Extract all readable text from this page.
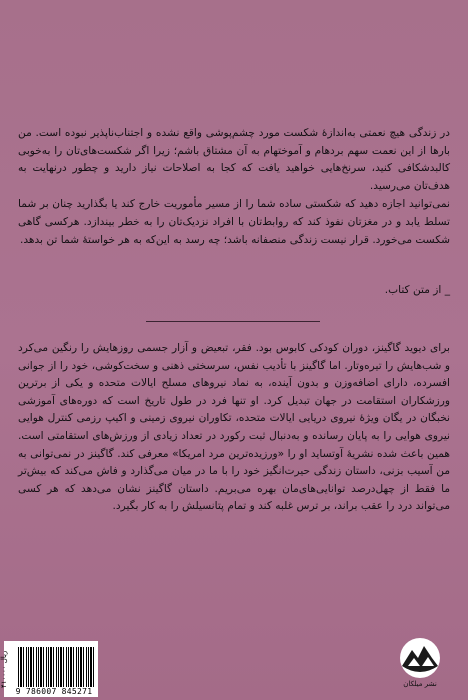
در زندگی هیچ نعمتی به‌اندازهٔ شکست مورد چشم‌پوشی واقع نشده و اجتناب‌ناپذیر نبوده است. من بارها از این نعمت سهم بردهام و آموختهام به آن مشتاق باشم؛ زیرا اگر شکست‌های‌تان را به‌خوبی کالبدشکافی کنید، سرنخ‌هایی خواهید یافت که کجا به اصلاحات نیاز دارید و چطور درنهایت به هدف‌تان می‌رسید.

نمی‌توانید اجازه دهید که شکستی ساده شما را از مسیر مأموریت خارج کند یا بگذارید چنان بر شما تسلط یابد و در مغزتان نفوذ کند که روابط‌تان با افراد نزدیک‌تان را به خطر بیندازد. هرکسی گاهی شکست می‌خورد. قرار نیست زندگی منصفانه باشد؛ چه رسد به این‌که به هر خواستهٔ شما تن بدهد.

_ از متن کتاب.
برای دیوید گاگینز، دوران کودکی کابوس بود. فقر، تبعیض و آزار جسمی روزهایش را رنگین می‌کرد و شب‌هایش را تیره‌وتار. اما گاگینز با تأدیب نفس، سرسختی ذهنی و سخت‌کوشی، خود را از جوانی افسرده، دارای اضافه‌وزن و بدون آینده، به نماد نیروهای مسلح ایالات متحده و یکی از برترین ورزشکاران استقامت در جهان تبدیل کرد. او تنها فرد در طول تاریخ است که دوره‌های آموزشی نخبگان در یگان ویژهٔ نیروی دریایی ایالات متحده، تکاوران نیروی زمینی و اکیپ رزمی کنترل هوایی نیروی هوایی را به پایان رسانده و به‌دنبال ثبت رکورد در تعداد زیادی از ورزش‌های استقامتی است. همین باعث شده نشریهٔ آوتساید او را «ورزیده‌ترین مرد امریکا» معرفی کند. گاگینز در نمی‌توانی به من آسیب بزنی، داستان زندگی حیرت‌انگیز خود را با ما در میان می‌گذارد و فاش می‌کند که بیش‌تر ما فقط از چهل‌درصد توانایی‌های‌مان بهره می‌بریم. داستان گاگینز نشان می‌دهد که هر کسی می‌تواند درد را عقب براند، بر ترس غلبه کند و تمام پتانسیلش را به کار بگیرد.
9 786007 845271
۴۱۰۰۰۰ ریال
نشر میلکان
